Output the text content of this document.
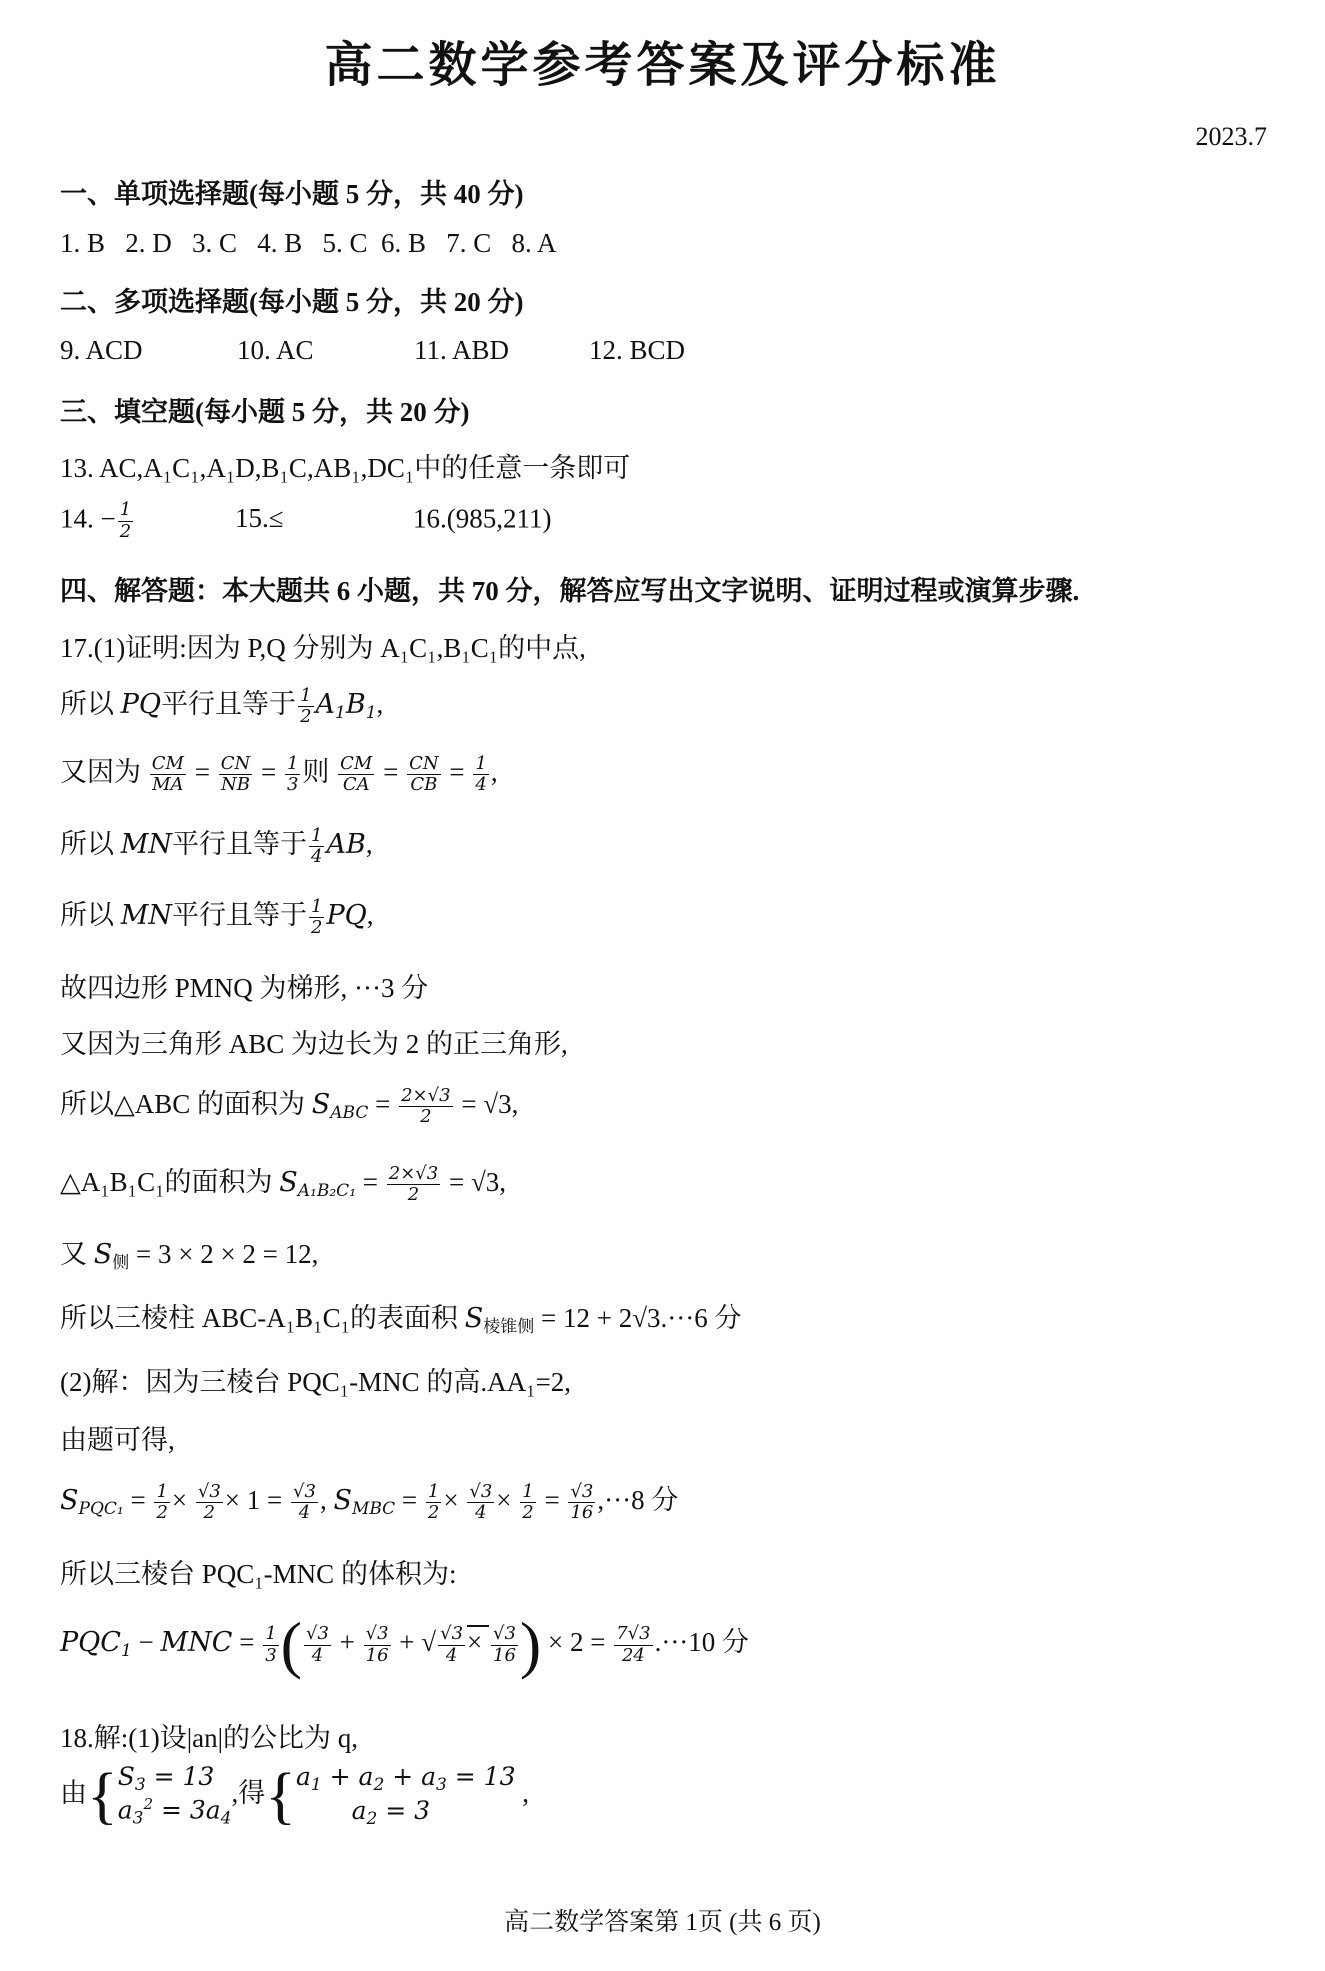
高二数学参考答案及评分标准
2023.7
一、单项选择题(每小题 5 分，共 40 分)
1. B   2. D   3. C   4. B   5. C  6. B   7. C   8. A
二、多项选择题(每小题 5 分，共 20 分)
9. ACD	10. AC	11. ABD	12. BCD
三、填空题(每小题 5 分，共 20 分)
13. AC,A₁C₁,A₁D,B₁C,AB₁,DC₁中的任意一条即可
14. − $\frac{1}{2}$	15.≤	16.(985,211)
四、解答题：本大题共 6 小题，共 70 分，解答应写出文字说明、证明过程或演算步骤.
17.(1)证明:因为 P,Q 分别为 A₁C₁,B₁C₁的中点,
所以 PQ平行且等于 $\frac{1}{2} A_1B_1$,
又因为 $\frac{CM}{MA} = \frac{CN}{NB} = \frac{1}{3}$ 则 $\frac{CM}{CA} = \frac{CN}{CB} = \frac{1}{4}$ ,
所以 MN平行且等于 $\frac{1}{4}$ AB,
所以 MN平行且等于 $\frac{1}{2}$ PQ,
故四边形 PMNQ 为梯形, ···3 分
又因为三角形 ABC 为边长为 2 的正三角形,
所以△ABC 的面积为 $S_{ABC} = \frac{2\times√3}{2} = √3$,
△A₁B₁C₁的面积为 $S_{A_1B_2C_1} = \frac{2\times√3}{2} = √3$,
又 $S_侧 = 3 \times 2 \times 2 = 12$,
所以三棱柱 ABC-A₁B₁C₁的表面积 $S_{棱锥侧} = 12 + 2√3.\cdot\cdot\cdot 6$ 分
(2)解：因为三棱台 PQC₁-MNC 的高.AA₁=2,
由题可得,
$S_{PQC_1} = \frac{1}{2} \times \frac{√3}{2} \times 1 = \frac{√3}{4}$ , $S_{MBC} = \frac{1}{2} \times \frac{√3}{4} \times \frac{1}{2} = \frac{√3}{16} ,\cdot\cdot\cdot 8$ 分
所以三棱台 PQC₁-MNC 的体积为:
$PQC_1$ − MNC = $\frac{1}{3}$ ( $\frac{√3}{4} + \frac{√3}{16}$ + √ $\frac{√3}{4} \times \frac{√3}{16}$ ) × $2 = \frac{7√3}{24} .\cdot\cdot\cdot 10$ 分
18.解:(1)设|an|的公比为 q,
由{$S_3 = 13$
$a_3^2 = 3a_4$,得{$a_1 + a_2 + a_3 = 13$
$a_2 = 3$ ,
高二数学答案第 1页 (共 6 页)
